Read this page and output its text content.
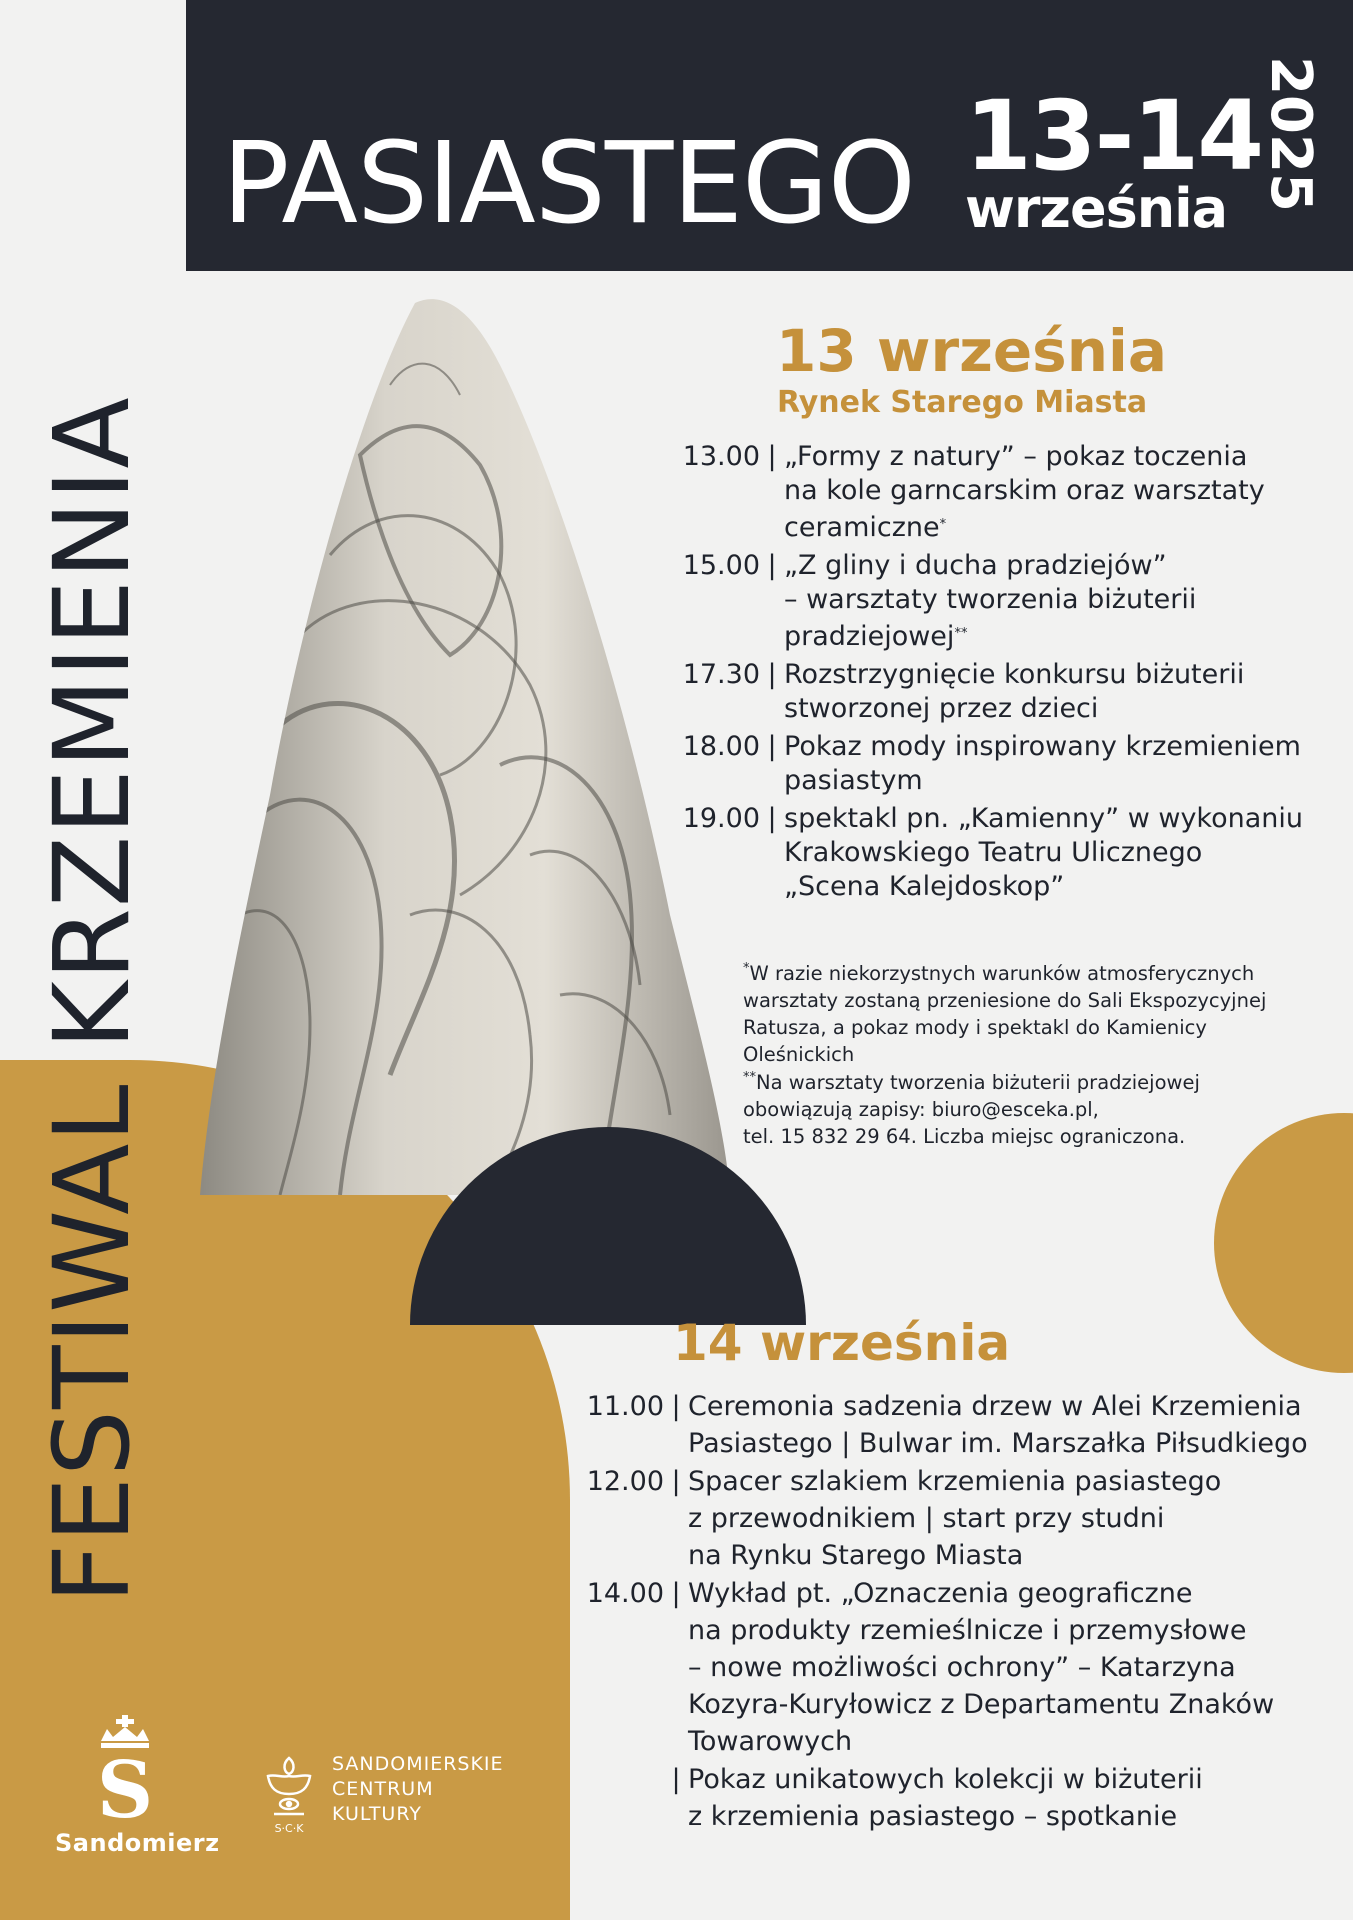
PASIASTEGO 13-14
września 2025
FESTIWAL KRZEMIENIA
13 września
Rynek Starego Miasta
13.00 | „Formy z natury” – pokaz toczenia
na kole garncarskim oraz warsztaty
ceramiczne*
15.00 | „Z gliny i ducha pradziejów”
– warsztaty tworzenia biżuterii
pradziejowej**
17.30 | Rozstrzygnięcie konkursu biżuterii
stworzonej przez dzieci
18.00 | Pokaz mody inspirowany krzemieniem
pasiastym
19.00 | spektakl pn. „Kamienny” w wykonaniu
Krakowskiego Teatru Ulicznego
„Scena Kalejdoskop”
*W razie niekorzystnych warunków atmosferycznych
warsztaty zostaną przeniesione do Sali Ekspozycyjnej
Ratusza, a pokaz mody i spektakl do Kamienicy
Oleśnickich
**Na warsztaty tworzenia biżuterii pradziejowej
obowiązują zapisy: biuro@esceka.pl,
tel. 15 832 29 64. Liczba miejsc ograniczona.
14 września
11.00 | Ceremonia sadzenia drzew w Alei Krzemienia
Pasiastego | Bulwar im. Marszałka Piłsudkiego
12.00 | Spacer szlakiem krzemienia pasiastego
z przewodnikiem | start przy studni
na Rynku Starego Miasta
14.00 | Wykład pt. „Oznaczenia geograficzne
na produkty rzemieślnicze i przemysłowe
– nowe możliwości ochrony” – Katarzyna
Kozyra-Kuryłowicz z Departamentu Znaków
Towarowych
| Pokaz unikatowych kolekcji w biżuterii
z krzemienia pasiastego – spotkanie
S
Sandomierz
S·C·K
SANDOMIERSKIE
CENTRUM
KULTURY
